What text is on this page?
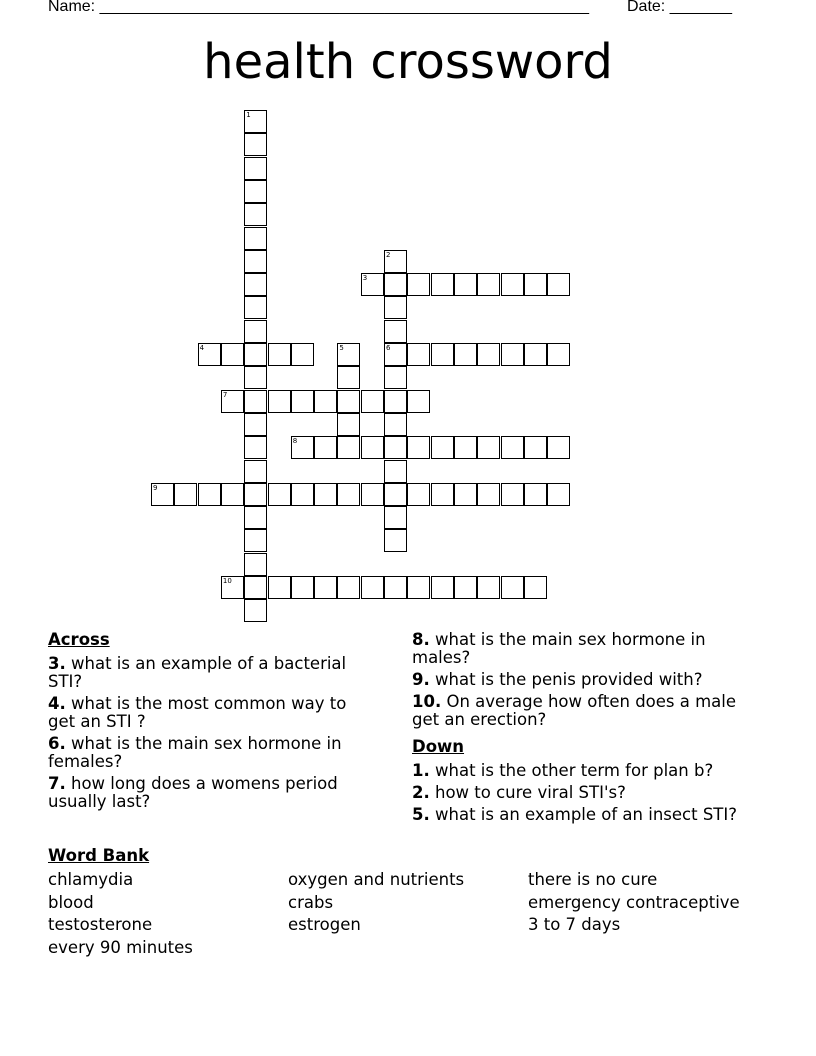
Name: _______________________________________________________ Date: _______
health crossword
1
2
6
5
3
4
7
8
9
10
Across
3. what is an example of a bacterial STI?
4. what is the most common way to get an STI ?
6. what is the main sex hormone in females?
7. how long does a womens period usually last?
8. what is the main sex hormone in males?
9. what is the penis provided with?
10. On average how often does a male get an erection?
Down
1. what is the other term for plan b?
2. how to cure viral STI's?
5. what is an example of an insect STI?
Word Bank
chlamydia
blood
testosterone
every 90 minutes
oxygen and nutrients
crabs
estrogen
there is no cure
emergency contraceptive
3 to 7 days
